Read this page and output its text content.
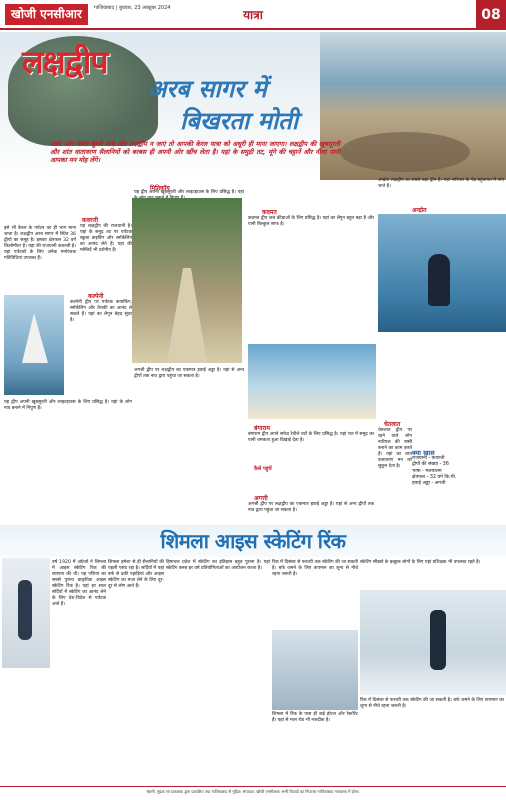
खोजी एनसीआर	गाजियाबाद | बुधवार, 23 अक्टूबर 2024	यात्रा	08
लक्षद्वीप
अरब सागर में
बिखरता मोती
अगर आप केरल घूमने जाएं और लक्षद्वीप न जाएं तो आपकी केरल यात्रा को अधूरी ही माना जाएगा। लक्षद्वीप की खूबसूरती और शांत वातावरण सैलानियों को बरबस ही अपनी ओर खींच लेता है। यहां के समुद्री तट, मूंगे की चट्टानें और नीला पानी आपका मन मोह लेंगे।
इसे भी केरल के पर्यटन का ही भाग माना जाता है। लक्षद्वीप अरब सागर में स्थित 36 द्वीपों का समूह है। इसका क्षेत्रफल 32 वर्ग किलोमीटर है। यहां की राजधानी कवरत्ती है। यहां पर्यटकों के लिए अनेक मनोरंजक गतिविधियां उपलब्ध हैं।
कवरत्ती
यह लक्षद्वीप की राजधानी है। यहां के समुद्र तट पर पर्यटक स्कूबा डाइविंग और स्नॉर्कलिंग का आनंद लेते हैं। यहां की मस्जिदें भी दर्शनीय हैं।
कल्पेनी
कल्पेनी द्वीप पर पर्यटक कयाकिंग, स्नॉर्कलिंग और तैराकी का आनंद ले सकते हैं। यहां का लैगून बेहद सुंदर है।
यह द्वीप अपनी खूबसूरती और लाइटहाउस के लिए प्रसिद्ध है। यहां के लोग नाव बनाने में निपुण हैं।
मिनिकॉय
यह द्वीप अपनी खूबसूरती और लाइटहाउस के लिए प्रसिद्ध है। यहां
अगत्ती द्वीप पर लक्षद्वीप का एकमात्र हवाई अड्डा है। यहां से अन्य द्वीपों तक नाव द्वारा पहुंचा जा सकता है।
कदमत
कदमत द्वीप जल क्रीड़ाओं के लिए प्रसिद्ध है। यहां का लैगून बहुत बड़ा है और पानी बिल्कुल साफ है।
बंगाराम
बंगाराम द्वीप अपने सफेद रेतीले तटों के लिए प्रसिद्ध है। यहां रात में समुद्र का पानी चमकता हुआ दिखाई देता है।
अगत्ती
अगत्ती द्वीप पर लक्षद्वीप का एकमात्र हवाई अड्डा है। यहां से अन्य द्वीपों तक नाव द्वारा पहुंचा जा सकता है।
अन्द्रोत लक्षद्वीप का सबसे बड़ा द्वीप है। यहां नारियल के पेड़ बहुतायत में पाए जाते हैं।
अन्द्रोत
चेतलात
चेतलात द्वीप पर रहने वाले लोग नारियल की रस्सी बनाने का काम करते हैं। यहां का शांत वातावरण मन को सुकून देता है।
कैसे पहुंचें
क्या खास
राजधानी - कवरत्ती
द्वीपों की संख्या - 36
भाषा - मलयालम
क्षेत्रफल - 32 वर्ग कि.मी.
हवाई अड्डा - अगत्ती
शिमला आइस स्केटिंग रिंक
वर्ष 1920 में अंग्रेजों ने शिमला में आइस स्केटिंग रिंक की स्थापना की थी। यह एशिया का सबसे पुराना प्राकृतिक आइस स्केटिंग रिंक है। यहां हर साल सर्दियों में स्केटिंग का आनंद लेने के लिए देश-विदेश से पर्यटक आते हैं।
शिमला हमेशा से ही सैलानियों की पहली पसंद रहा है। सर्दियों में यहां बर्फ से ढकी पहाड़ियां और आइस स्केटिंग का मजा लेने के लिए दूर-दूर से लोग आते हैं।
हिमाचल प्रदेश में स्केटिंग का इतिहास बहुत पुराना है। यहां स्केटिंग क्लब हर वर्ष प्रतियोगिताओं का आयोजन करता है।
रिंक में दिसंबर से फरवरी तक स्केटिंग की जा सकती है। बर्फ जमने के लिए तापमान का शून्य से नीचे रहना जरूरी है।
शिमला में रिंक के पास ही कई होटल और रेस्टोरेंट हैं। यहां से माल रोड भी नजदीक है।
स्केटिंग सीखने के इच्छुक लोगों के लिए यहां प्रशिक्षक भी उपलब्ध रहते हैं।
रिंक में दिसंबर से फरवरी तक स्केटिंग की जा सकती है। बर्फ जमने के लिए तापमान का शून्य से नीचे रहना जरूरी है।
स्वामी, मुद्रक एवं प्रकाशक द्वारा प्रकाशित तथा गाजियाबाद से मुद्रित। संपादक: खोजी एनसीआर। सभी विवादों का निपटारा गाजियाबाद न्यायालय में होगा।
